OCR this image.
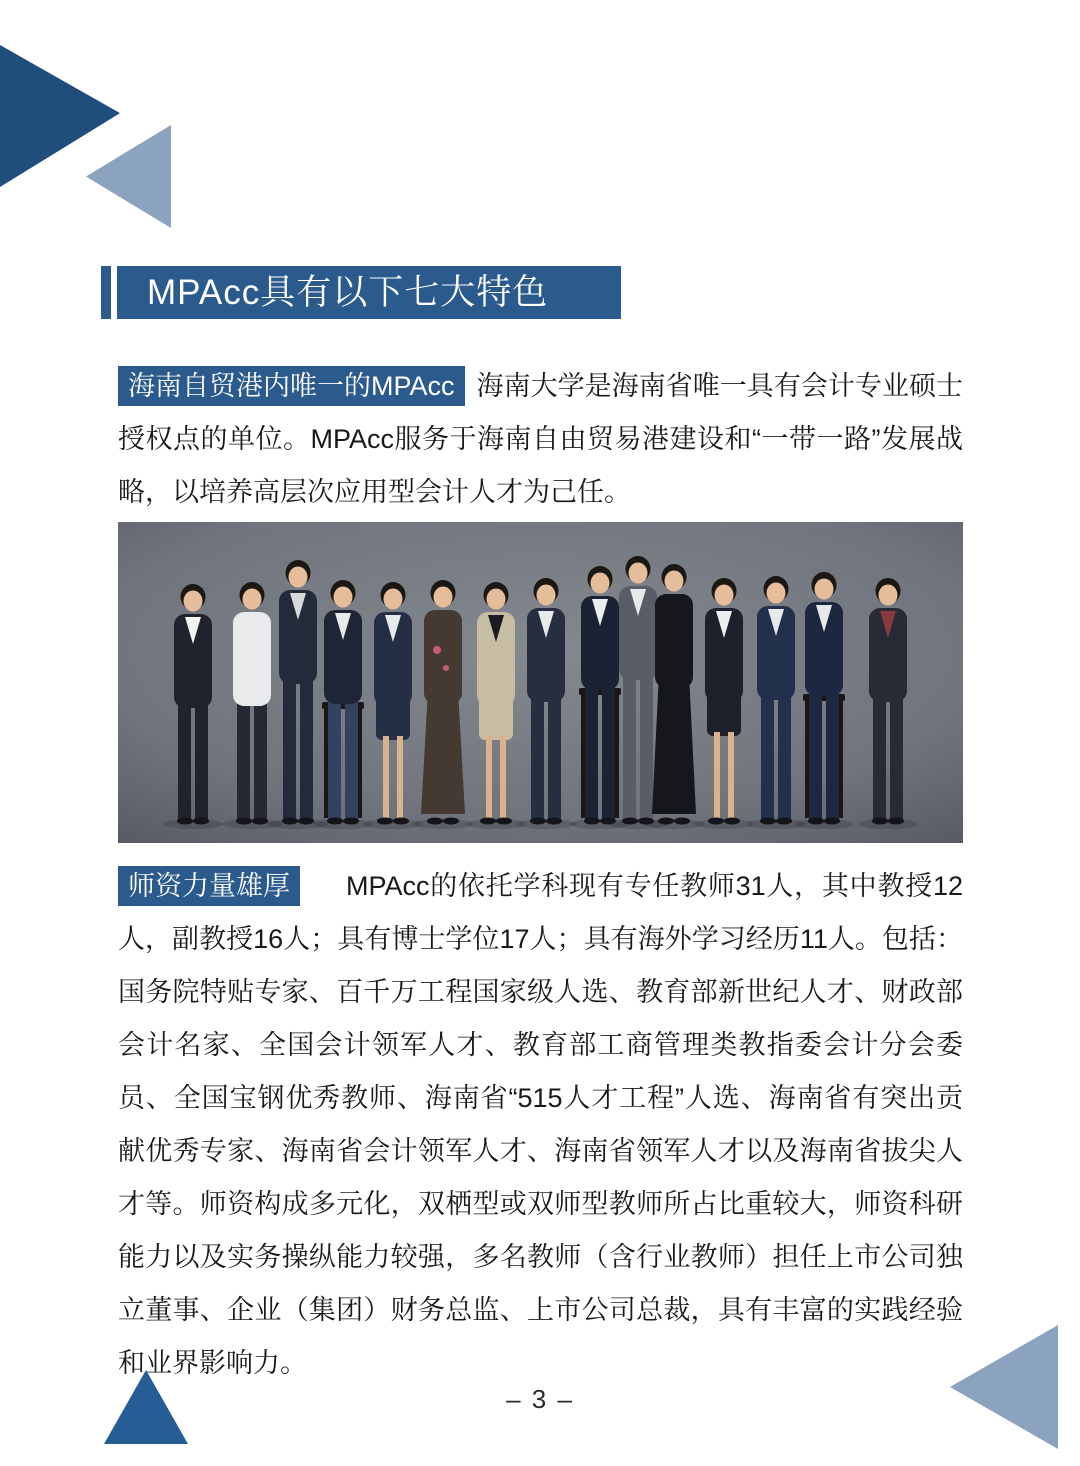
MPAcc具有以下七大特色
海南自贸港内唯一的MPAcc 海南大学是海南省唯一具有会计专业硕士授权点的单位。MPAcc服务于海南自由贸易港建设和“一带一路”发展战略，以培养高层次应用型会计人才为己任。
师资力量雄厚 MPAcc的依托学科现有专任教师31人，其中教授12人，副教授16人；具有博士学位17人；具有海外学习经历11人。包括：国务院特贴专家、百千万工程国家级人选、教育部新世纪人才、财政部会计名家、全国会计领军人才、教育部工商管理类教指委会计分会委员、全国宝钢优秀教师、海南省“515人才工程”人选、海南省有突出贡献优秀专家、海南省会计领军人才、海南省领军人才以及海南省拔尖人才等。师资构成多元化，双栖型或双师型教师所占比重较大，师资科研能力以及实务操纵能力较强，多名教师（含行业教师）担任上市公司独立董事、企业（集团）财务总监、上市公司总裁，具有丰富的实践经验和业界影响力。
– 3 –
